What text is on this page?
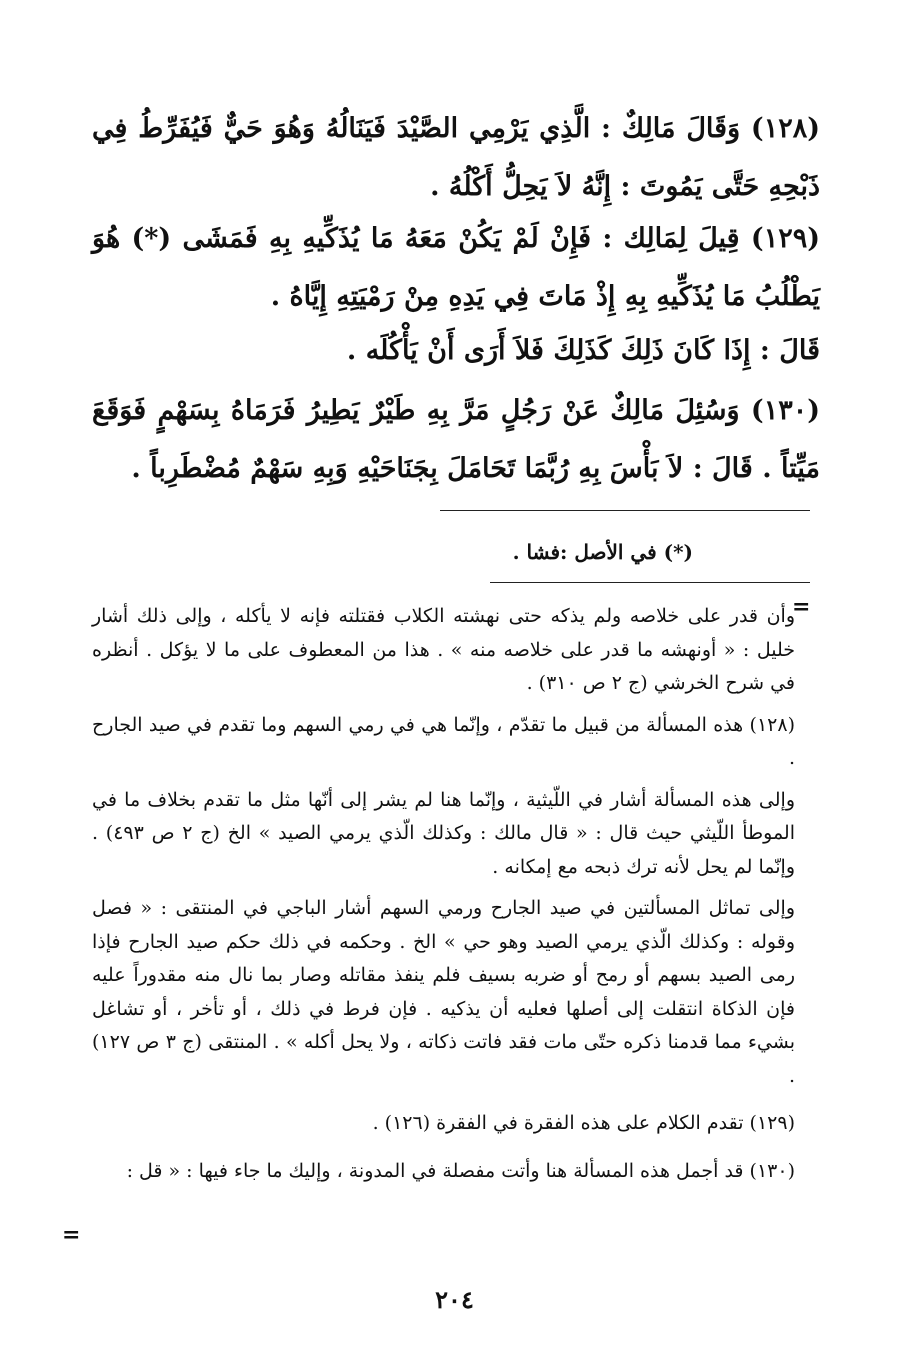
(١٢٨) وَقَالَ مَالِكٌ : الَّذِي يَرْمِي الصَّيْدَ فَيَنَالُهُ وَهُوَ حَيٌّ فَيُفَرِّطُ فِي ذَبْحِهِ حَتَّى يَمُوتَ : إِنَّهُ لاَ يَحِلُّ أَكْلُهُ .

(١٢٩) قِيلَ لِمَالِك : فَإِنْ لَمْ يَكُنْ مَعَهُ مَا يُذَكِّيهِ بِهِ فَمَشَى (*) هُوَ يَطْلُبُ مَا يُذَكِّيهِ بِهِ إِذْ مَاتَ فِي يَدِهِ مِنْ رَمْيَتِهِ إِيَّاهُ .

قَالَ : إِذَا كَانَ ذَلِكَ كَذَلِكَ فَلاَ أَرَى أَنْ يَأْكُلَه .

(١٣٠) وَسُئِلَ مَالِكٌ عَنْ رَجُلٍ مَرَّ بِهِ طَيْرٌ يَطِيرُ فَرَمَاهُ بِسَهْمٍ فَوَقَعَ مَيِّتاً . قَالَ : لاَ بَأْسَ بِهِ رُبَّمَا تَحَامَلَ بِجَنَاحَيْهِ وَبِهِ سَهْمٌ مُضْطَرِباً .

(*) في الأصل :فشا .
=

وأن قدر على خلاصه ولم يذكه حتى نهشته الكلاب فقتلته فإنه لا يأكله ، وإلى ذلك أشار خليل : « أونهشه ما قدر على خلاصه منه » . هذا من المعطوف على ما لا يؤكل . أنظره في شرح الخرشي (ج ٢ ص ٣١٠) .

(١٢٨) هذه المسألة من قبيل ما تقدّم ، وإنّما هي في رمي السهم وما تقدم في صيد الجارح .

وإلى هذه المسألة أشار في اللّيثية ، وإنّما هنا لم يشر إلى أنّها مثل ما تقدم بخلاف ما في الموطأ اللّيثي حيث قال : « قال مالك : وكذلك الّذي يرمي الصيد » الخ (ج ٢ ص ٤٩٣) . وإنّما لم يحل لأنه ترك ذبحه مع إمكانه .

وإلى تماثل المسألتين في صيد الجارح ورمي السهم أشار الباجي في المنتقى : « فصل وقوله : وكذلك الّذي يرمي الصيد وهو حي » الخ . وحكمه في ذلك حكم صيد الجارح فإذا رمى الصيد بسهم أو رمح أو ضربه بسيف فلم ينفذ مقاتله وصار بما نال منه مقدوراً عليه فإن الذكاة انتقلت إلى أصلها فعليه أن يذكيه . فإن فرط في ذلك ، أو تأخر ، أو تشاغل بشيء مما قدمنا ذكره حتّى مات فقد فاتت ذكاته ، ولا يحل أكله » . المنتقى (ج ٣ ص ١٢٧) .

(١٢٩) تقدم الكلام على هذه الفقرة في الفقرة (١٢٦) .

(١٣٠) قد أجمل هذه المسألة هنا وأتت مفصلة في المدونة ، وإليك ما جاء فيها : « قل :

=
٢٠٤
